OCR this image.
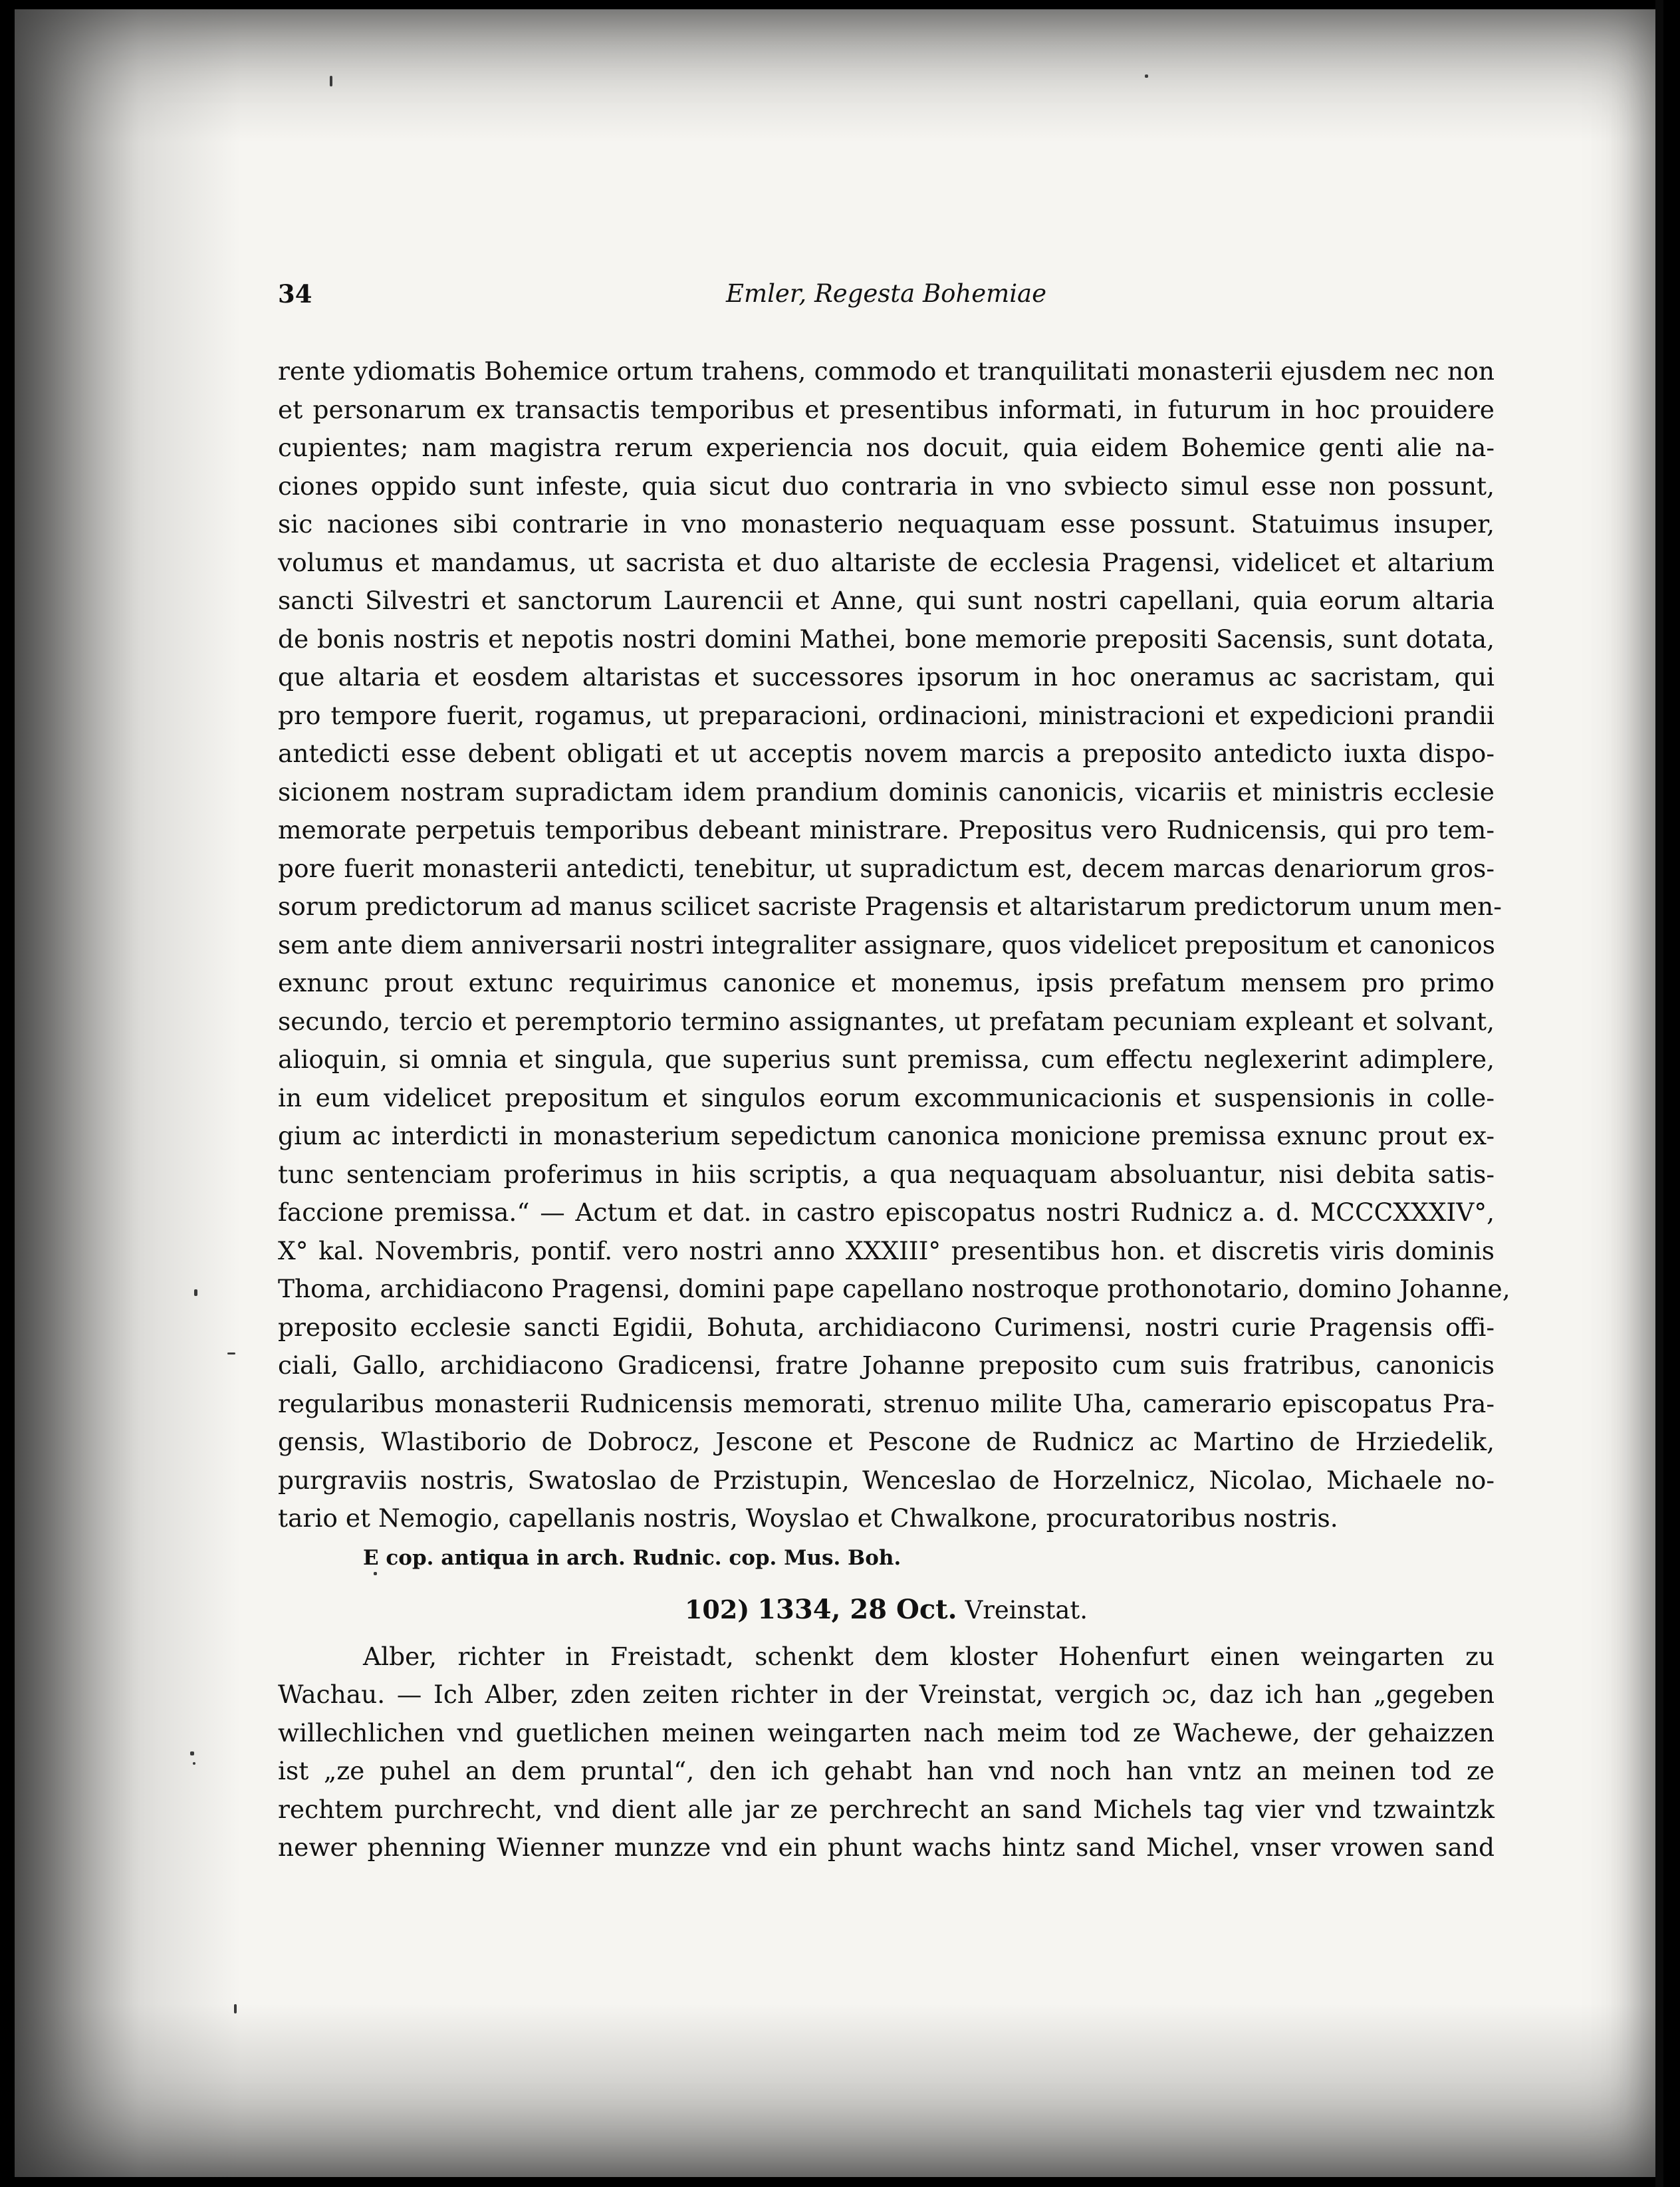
34	Emler, Regesta Bohemiae
rente ydiomatis Bohemice ortum trahens, commodo et tranquilitati monasterii ejusdem nec non
et personarum ex transactis temporibus et presentibus informati, in futurum in hoc prouidere
cupientes; nam magistra rerum experiencia nos docuit, quia eidem Bohemice genti alie na-
ciones oppido sunt infeste, quia sicut duo contraria in vno svbiecto simul esse non possunt,
sic naciones sibi contrarie in vno monasterio nequaquam esse possunt. Statuimus insuper,
volumus et mandamus, ut sacrista et duo altariste de ecclesia Pragensi, videlicet et altarium
sancti Silvestri et sanctorum Laurencii et Anne, qui sunt nostri capellani, quia eorum altaria
de bonis nostris et nepotis nostri domini Mathei, bone memorie prepositi Sacensis, sunt dotata,
que altaria et eosdem altaristas et successores ipsorum in hoc oneramus ac sacristam, qui
pro tempore fuerit, rogamus, ut preparacioni, ordinacioni, ministracioni et expedicioni prandii
antedicti esse debent obligati et ut acceptis novem marcis a preposito antedicto iuxta dispo-
sicionem nostram supradictam idem prandium dominis canonicis, vicariis et ministris ecclesie
memorate perpetuis temporibus debeant ministrare. Prepositus vero Rudnicensis, qui pro tem-
pore fuerit monasterii antedicti, tenebitur, ut supradictum est, decem marcas denariorum gros-
sorum predictorum ad manus scilicet sacriste Pragensis et altaristarum predictorum unum men-
sem ante diem anniversarii nostri integraliter assignare, quos videlicet prepositum et canonicos
exnunc prout extunc requirimus canonice et monemus, ipsis prefatum mensem pro primo
secundo, tercio et peremptorio termino assignantes, ut prefatam pecuniam expleant et solvant,
alioquin, si omnia et singula, que superius sunt premissa, cum effectu neglexerint adimplere,
in eum videlicet prepositum et singulos eorum excommunicacionis et suspensionis in colle-
gium ac interdicti in monasterium sepedictum canonica monicione premissa exnunc prout ex-
tunc sentenciam proferimus in hiis scriptis, a qua nequaquam absoluantur, nisi debita satis-
faccione premissa.“ — Actum et dat. in castro episcopatus nostri Rudnicz a. d. MCCCXXXIV°,
X° kal. Novembris, pontif. vero nostri anno XXXIII° presentibus hon. et discretis viris dominis
Thoma, archidiacono Pragensi, domini pape capellano nostroque prothonotario, domino Johanne,
preposito ecclesie sancti Egidii, Bohuta, archidiacono Curimensi, nostri curie Pragensis offi-
ciali, Gallo, archidiacono Gradicensi, fratre Johanne preposito cum suis fratribus, canonicis
regularibus monasterii Rudnicensis memorati, strenuo milite Uha, camerario episcopatus Pra-
gensis, Wlastiborio de Dobrocz, Jescone et Pescone de Rudnicz ac Martino de Hrziedelik,
purgraviis nostris, Swatoslao de Przistupin, Wenceslao de Horzelnicz, Nicolao, Michaele no-
tario et Nemogio, capellanis nostris, Woyslao et Chwalkone, procuratoribus nostris.
E cop. antiqua in arch. Rudnic. cop. Mus. Boh.
102) 1334, 28 Oct. Vreinstat.
Alber, richter in Freistadt, schenkt dem kloster Hohenfurt einen weingarten zu
Wachau. — Ich Alber, zden zeiten richter in der Vreinstat, vergich ɔc, daz ich han „gegeben
willechlichen vnd guetlichen meinen weingarten nach meim tod ze Wachewe, der gehaizzen
ist „ze puhel an dem pruntal“, den ich gehabt han vnd noch han vntz an meinen tod ze
rechtem purchrecht, vnd dient alle jar ze perchrecht an sand Michels tag vier vnd tzwaintzk
newer phenning Wienner munzze vnd ein phunt wachs hintz sand Michel, vnser vrowen sand
